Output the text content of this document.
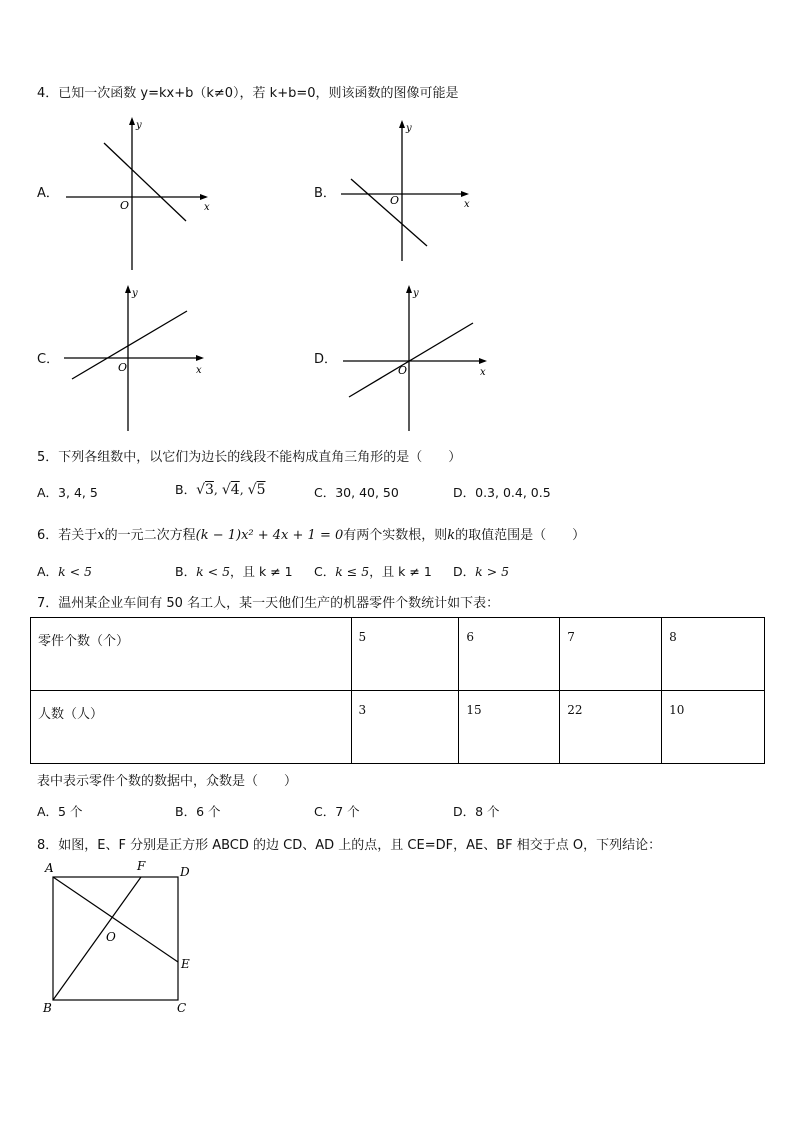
4．已知一次函数 y=kx+b（k≠0），若 k+b=0，则该函数的图像可能是
A．
y
x
O
B．
y
x
O
C．
y
x
O
D．
y
x
O
5．下列各组数中，以它们为边长的线段不能构成直角三角形的是（　　）
A．3, 4, 5	B．√3, √4, √5	C．30, 40, 50	D．0.3, 0.4, 0.5
6．若关于x的一元二次方程(k − 1)x² + 4x + 1 = 0有两个实数根，则k的取值范围是（　　）
A．k < 5	B．k < 5，且 k ≠ 1 C．k ≤ 5，且 k ≠ 1 D．k > 5
7．温州某企业车间有 50 名工人，某一天他们生产的机器零件个数统计如下表：
零件个数（个）	5	6	7	8
人数（人）	3	15	22	10
表中表示零件个数的数据中，众数是（　　）
A．5 个	B．6 个	C．7 个	D．8 个
8．如图，E、F 分别是正方形 ABCD 的边 CD、AD 上的点，且 CE=DF，AE、BF 相交于点 O，下列结论：
A	F	D
O
E
B	C
